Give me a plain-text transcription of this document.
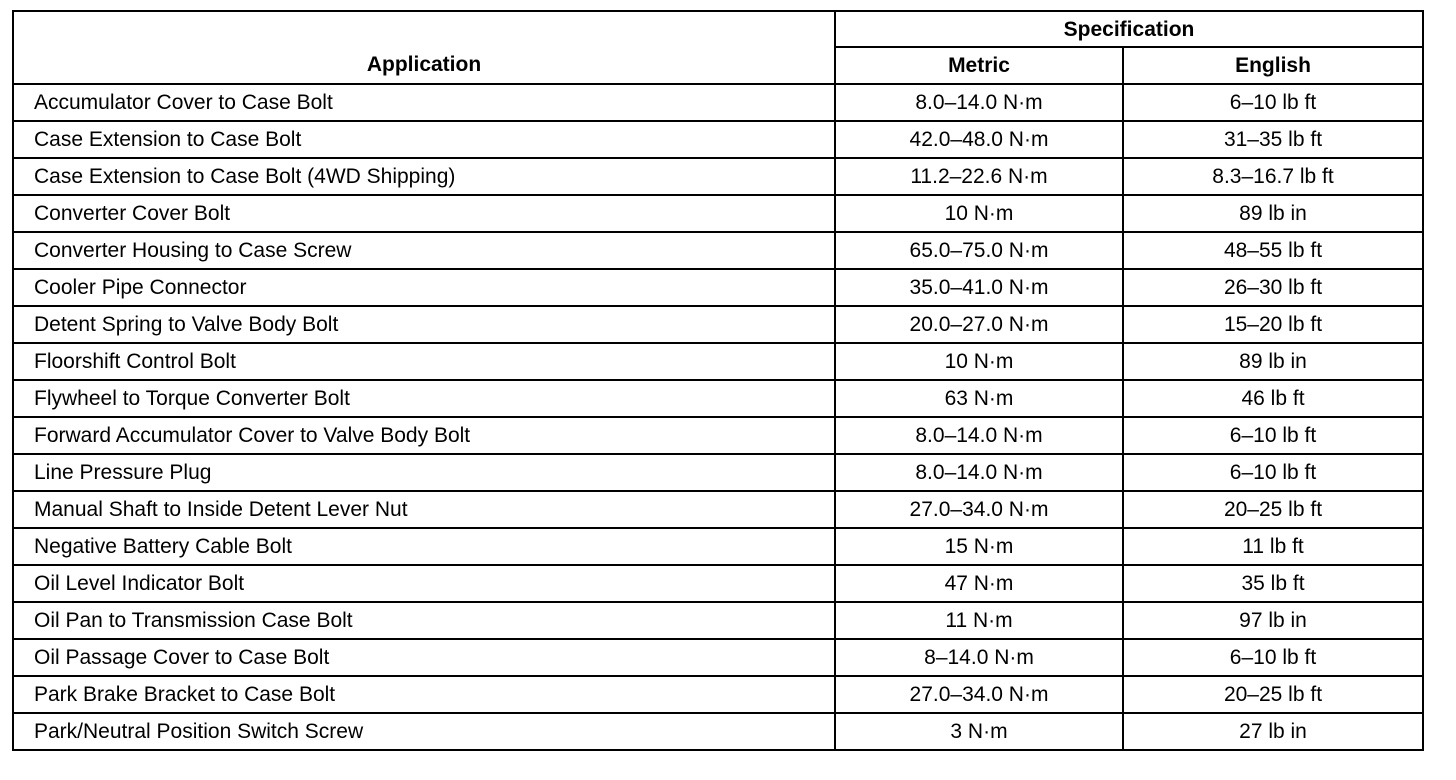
Application	Specification	
	Metric	English
Accumulator Cover to Case Bolt	8.0–14.0 N·m	6–10 lb ft
Case Extension to Case Bolt	42.0–48.0 N·m	31–35 lb ft
Case Extension to Case Bolt (4WD Shipping)	11.2–22.6 N·m	8.3–16.7 lb ft
Converter Cover Bolt	10 N·m	89 lb in
Converter Housing to Case Screw	65.0–75.0 N·m	48–55 lb ft
Cooler Pipe Connector	35.0–41.0 N·m	26–30 lb ft
Detent Spring to Valve Body Bolt	20.0–27.0 N·m	15–20 lb ft
Floorshift Control Bolt	10 N·m	89 lb in
Flywheel to Torque Converter Bolt	63 N·m	46 lb ft
Forward Accumulator Cover to Valve Body Bolt	8.0–14.0 N·m	6–10 lb ft
Line Pressure Plug	8.0–14.0 N·m	6–10 lb ft
Manual Shaft to Inside Detent Lever Nut	27.0–34.0 N·m	20–25 lb ft
Negative Battery Cable Bolt	15 N·m	11 lb ft
Oil Level Indicator Bolt	47 N·m	35 lb ft
Oil Pan to Transmission Case Bolt	11 N·m	97 lb in
Oil Passage Cover to Case Bolt	8–14.0 N·m	6–10 lb ft
Park Brake Bracket to Case Bolt	27.0–34.0 N·m	20–25 lb ft
Park/Neutral Position Switch Screw	3 N·m	27 lb in
